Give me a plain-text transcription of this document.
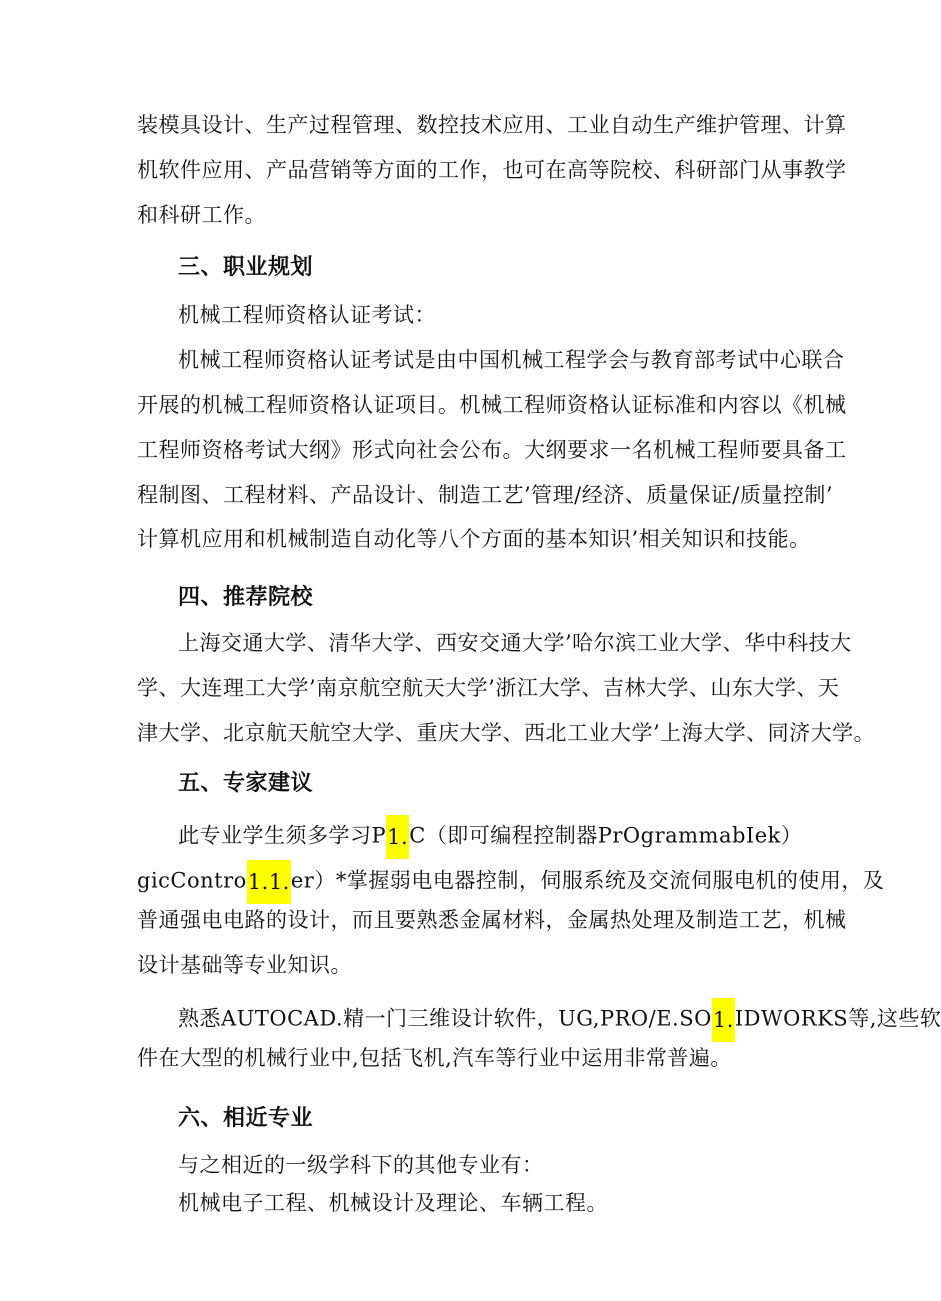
装模具设计、生产过程管理、数控技术应用、工业自动生产维护管理、计算
机软件应用、产品营销等方面的工作，也可在高等院校、科研部门从事教学
和科研工作。
三、职业规划
机械工程师资格认证考试：
机械工程师资格认证考试是由中国机械工程学会与教育部考试中心联合
开展的机械工程师资格认证项目。机械工程师资格认证标准和内容以《机械
工程师资格考试大纲》形式向社会公布。大纲要求一名机械工程师要具备工
程制图、工程材料、产品设计、制造工艺’管理/经济、质量保证/质量控制’
计算机应用和机械制造自动化等八个方面的基本知识’相关知识和技能。
四、推荐院校
上海交通大学、清华大学、西安交通大学’哈尔滨工业大学、华中科技大
学、大连理工大学’南京航空航天大学’浙江大学、吉林大学、山东大学、天
津大学、北京航天航空大学、重庆大学、西北工业大学’上海大学、同济大学。
五、专家建议
此专业学生须多学习P1.C（即可编程控制器PrOgrammabIek）
gicContro1.1.er）*掌握弱电电器控制，伺服系统及交流伺服电机的使用，及
普通强电电路的设计，而且要熟悉金属材料，金属热处理及制造工艺，机械
设计基础等专业知识。
熟悉AUTOCAD.精一门三维设计软件，UG,PRO/E.SO1.IDWORKS等,这些软
件在大型的机械行业中,包括飞机,汽车等行业中运用非常普遍。
六、相近专业
与之相近的一级学科下的其他专业有：
机械电子工程、机械设计及理论、车辆工程。
